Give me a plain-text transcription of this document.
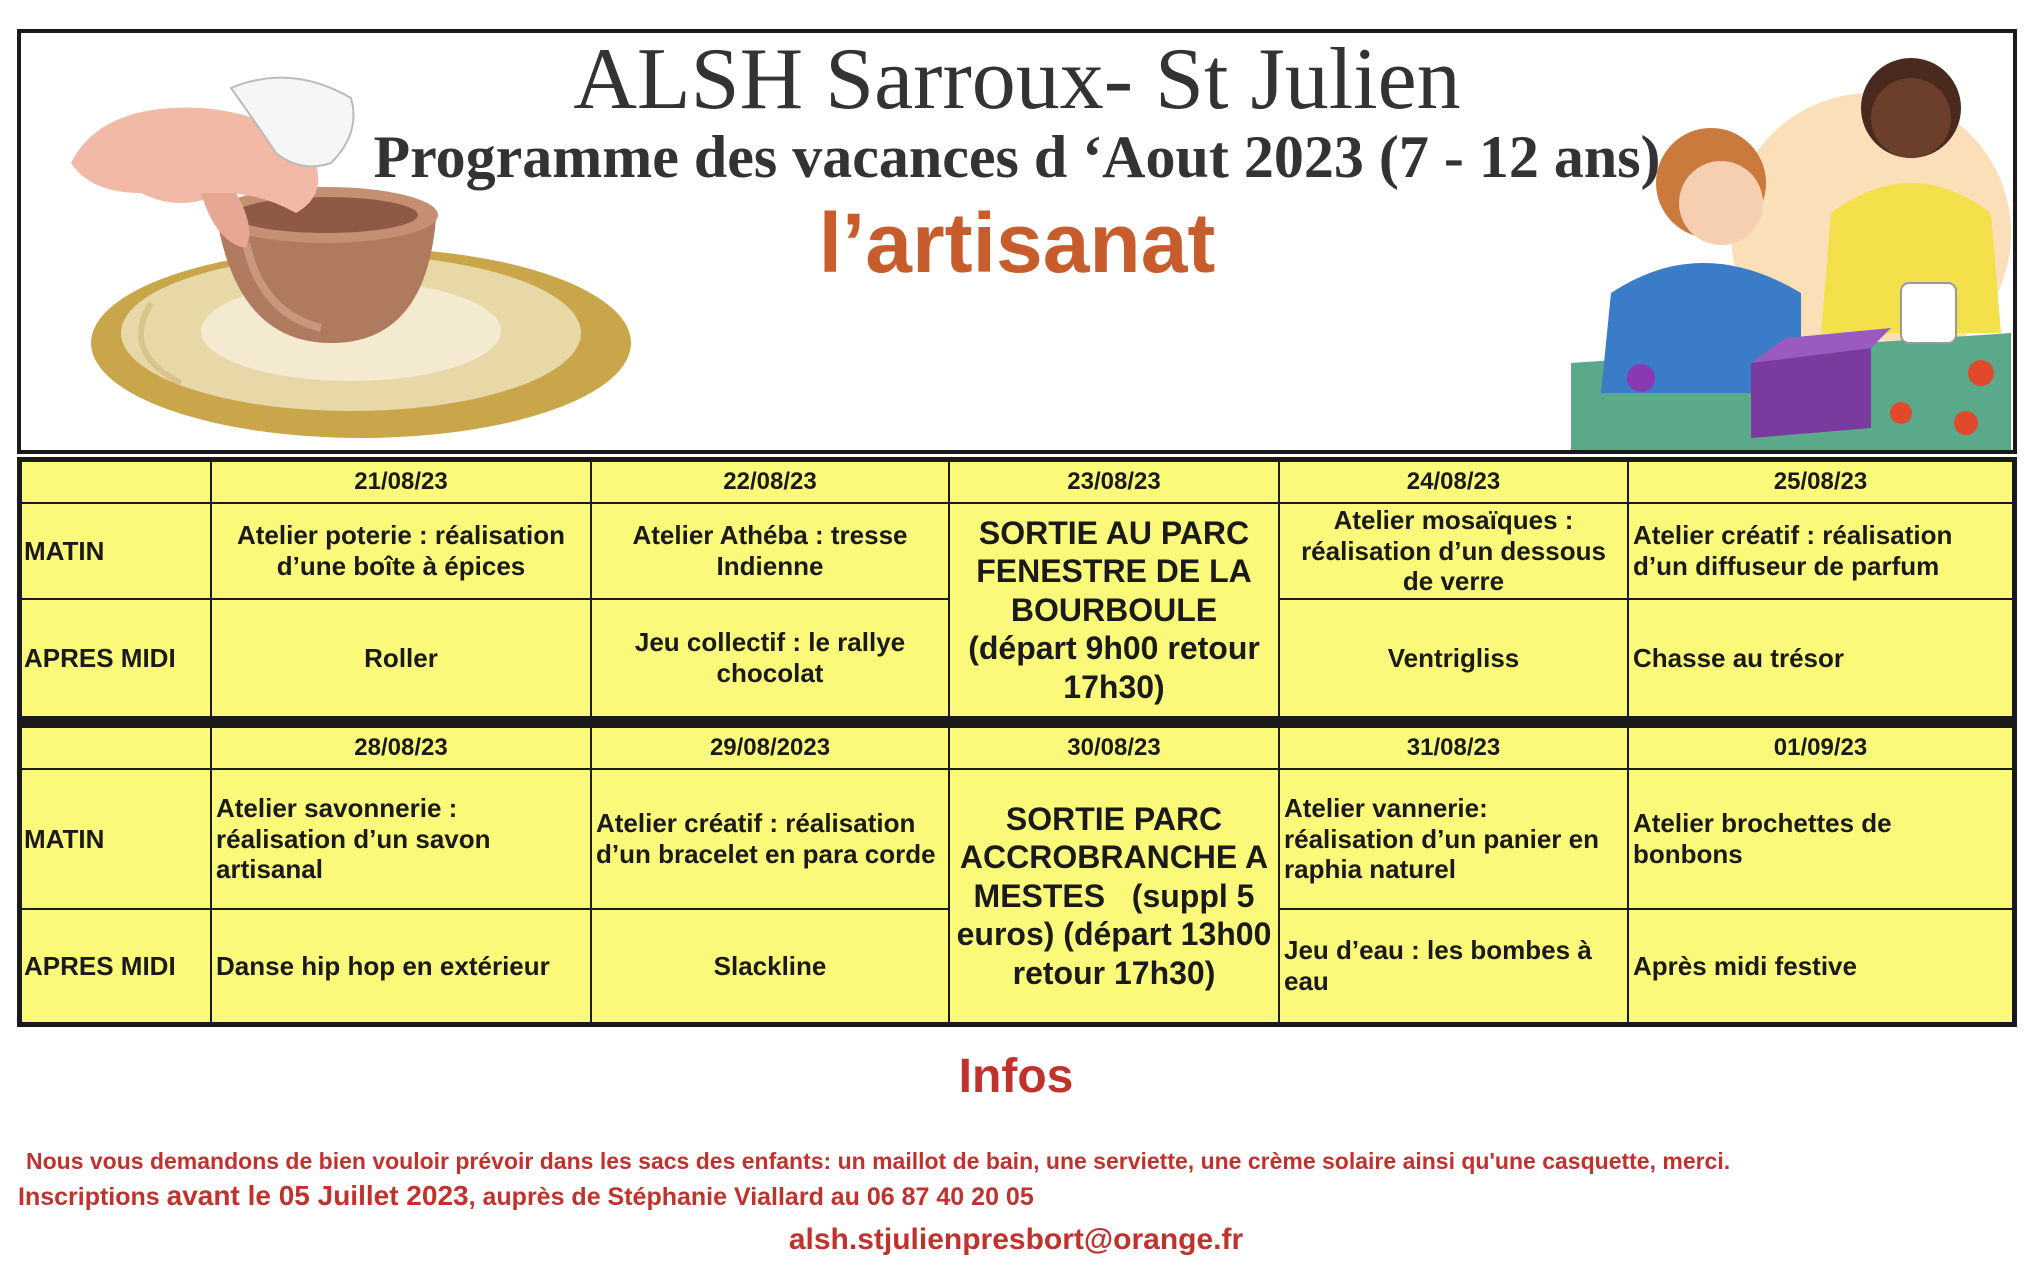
ALSH Sarroux- St Julien
Programme des vacances d ‘Aout 2023 (7 - 12 ans)
l’artisanat
	21/08/23	22/08/23	23/08/23	24/08/23	25/08/23
MATIN	Atelier poterie : réalisation d’une boîte à épices	Atelier Athéba : tresse Indienne	SORTIE AU PARC FENESTRE DE LA BOURBOULE (départ 9h00 retour 17h30)	Atelier mosaïques : réalisation d’un dessous de verre	Atelier créatif : réalisation d’un diffuseur de parfum
APRES MIDI	Roller	Jeu collectif : le rallye chocolat		Ventrigliss	Chasse au trésor
	28/08/23	29/08/2023	30/08/23	31/08/23	01/09/23
MATIN	Atelier savonnerie : réalisation d’un savon artisanal	Atelier créatif : réalisation d’un bracelet en para corde	SORTIE PARC ACCROBRANCHE A MESTES   (suppl 5 euros) (départ 13h00 retour 17h30)	Atelier vannerie: réalisation d’un panier en raphia naturel	Atelier brochettes de bonbons
APRES MIDI	Danse hip hop en extérieur	Slackline		Jeu d’eau : les bombes à eau	Après midi festive
Infos
Nous vous demandons de bien vouloir prévoir dans les sacs des enfants: un maillot de bain, une serviette, une crème solaire ainsi qu'une casquette, merci.
Inscriptions avant le 05 Juillet 2023, auprès de Stéphanie Viallard au 06 87 40 20 05
alsh.stjulienpresbort@orange.fr
